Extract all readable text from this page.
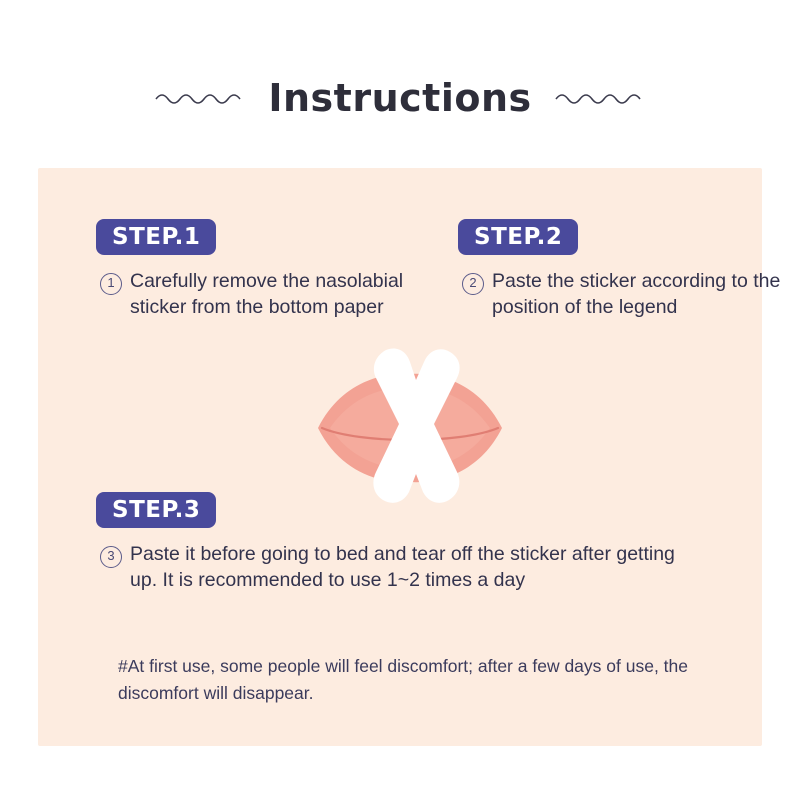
Instructions
STEP.1	STEP.2
STEP.3
1 Carefully remove the nasolabial sticker from the bottom paper
2 Paste the sticker according to the position of the legend
3 Paste it before going to bed and tear off the sticker after getting up. It is recommended to use 1~2 times a day
#At first use, some people will feel discomfort; after a few days of use, the discomfort will disappear.
